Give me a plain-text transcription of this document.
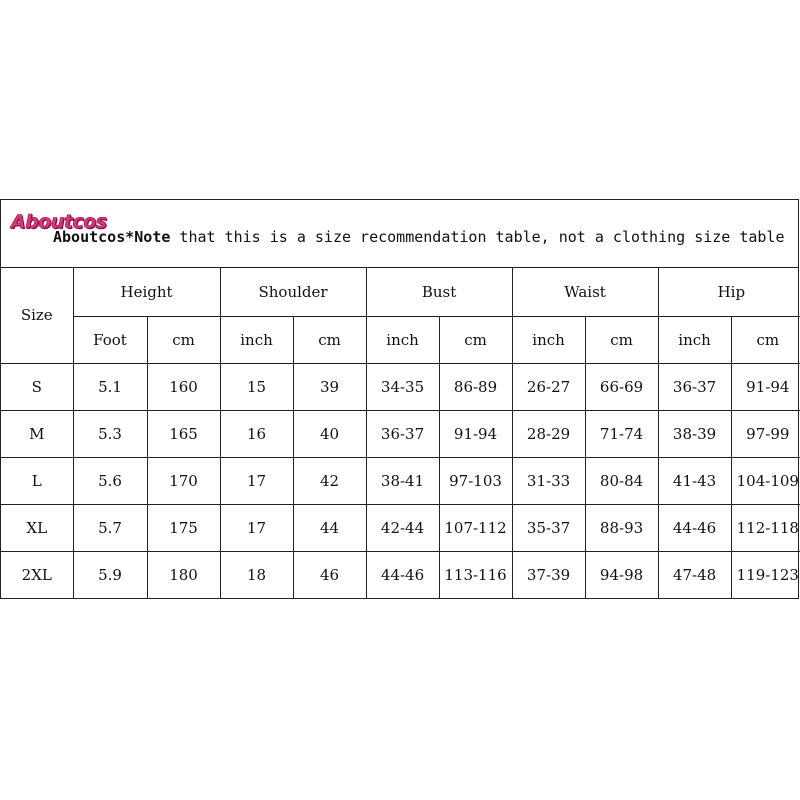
Aboutcos
Aboutcos*Note that this is a size recommendation table, not a clothing size table
Size	Height		Shoulder		Bust		Waist		Hip	
	Foot	cm	inch	cm	inch	cm	inch	cm	inch	cm
S	5.1	160	15	39	34-35	86-89	26-27	66-69	36-37	91-94
M	5.3	165	16	40	36-37	91-94	28-29	71-74	38-39	97-99
L	5.6	170	17	42	38-41	97-103	31-33	80-84	41-43	104-109
XL	5.7	175	17	44	42-44	107-112	35-37	88-93	44-46	112-118
2XL	5.9	180	18	46	44-46	113-116	37-39	94-98	47-48	119-123
